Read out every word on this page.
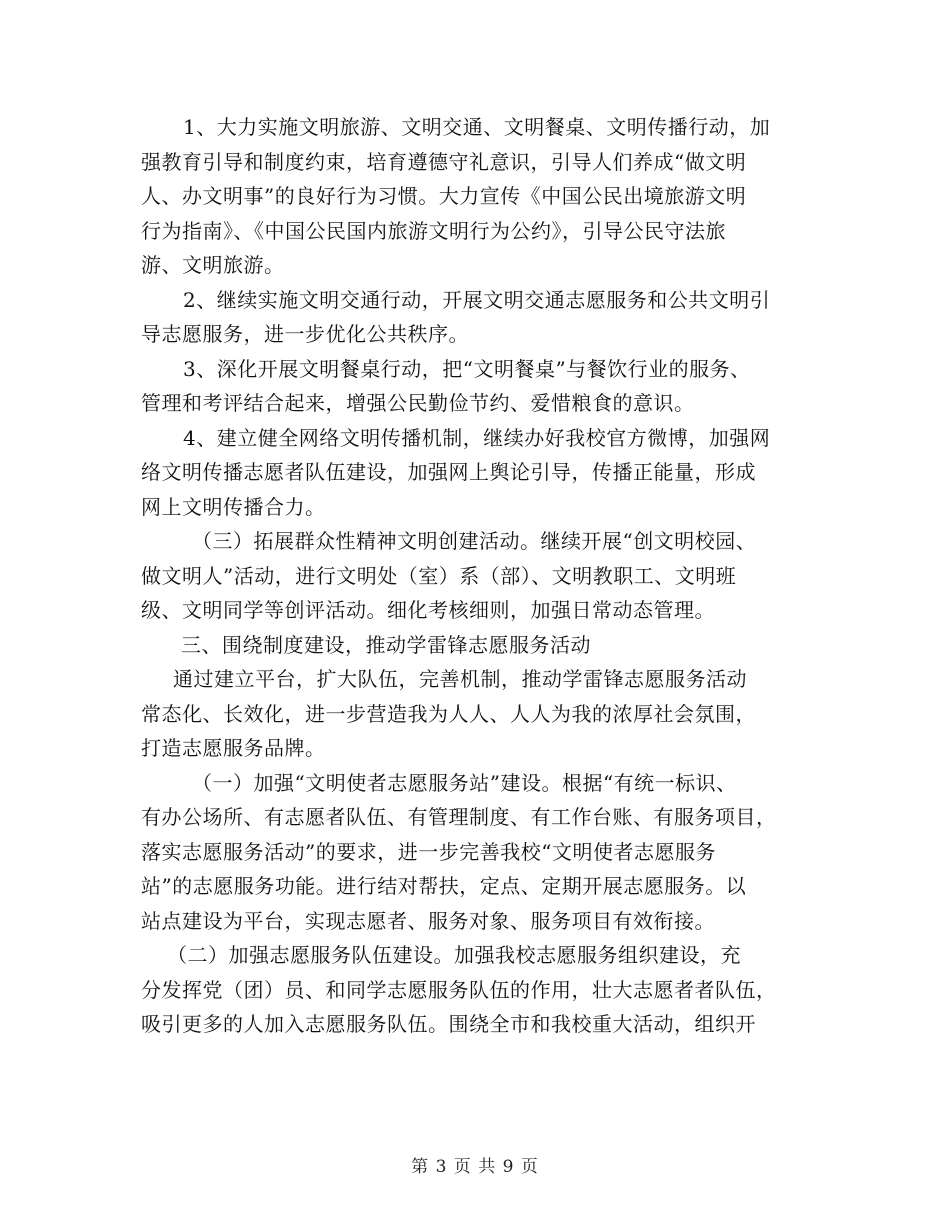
1、大力实施文明旅游、文明交通、文明餐桌、文明传播行动，加
强教育引导和制度约束，培育遵德守礼意识，引导人们养成“做文明
人、办文明事”的良好行为习惯。大力宣传《中国公民出境旅游文明
行为指南》、《中国公民国内旅游文明行为公约》，引导公民守法旅
游、文明旅游。

2、继续实施文明交通行动，开展文明交通志愿服务和公共文明引
导志愿服务，进一步优化公共秩序。

3、深化开展文明餐桌行动，把“文明餐桌”与餐饮行业的服务、
管理和考评结合起来，增强公民勤俭节约、爱惜粮食的意识。

4、建立健全网络文明传播机制，继续办好我校官方微博，加强网
络文明传播志愿者队伍建设，加强网上舆论引导，传播正能量，形成
网上文明传播合力。

（三）拓展群众性精神文明创建活动。继续开展“创文明校园、
做文明人”活动，进行文明处（室）系（部）、文明教职工、文明班
级、文明同学等创评活动。细化考核细则，加强日常动态管理。

三、围绕制度建设，推动学雷锋志愿服务活动

通过建立平台，扩大队伍，完善机制，推动学雷锋志愿服务活动
常态化、长效化，进一步营造我为人人、人人为我的浓厚社会氛围，
打造志愿服务品牌。

（一）加强“文明使者志愿服务站”建设。根据“有统一标识、
有办公场所、有志愿者队伍、有管理制度、有工作台账、有服务项目，
落实志愿服务活动”的要求，进一步完善我校“文明使者志愿服务
站”的志愿服务功能。进行结对帮扶，定点、定期开展志愿服务。以
站点建设为平台，实现志愿者、服务对象、服务项目有效衔接。

（二）加强志愿服务队伍建设。加强我校志愿服务组织建设，充
分发挥党（团）员、和同学志愿服务队伍的作用，壮大志愿者者队伍，
吸引更多的人加入志愿服务队伍。围绕全市和我校重大活动，组织开

第 3 页 共 9 页
